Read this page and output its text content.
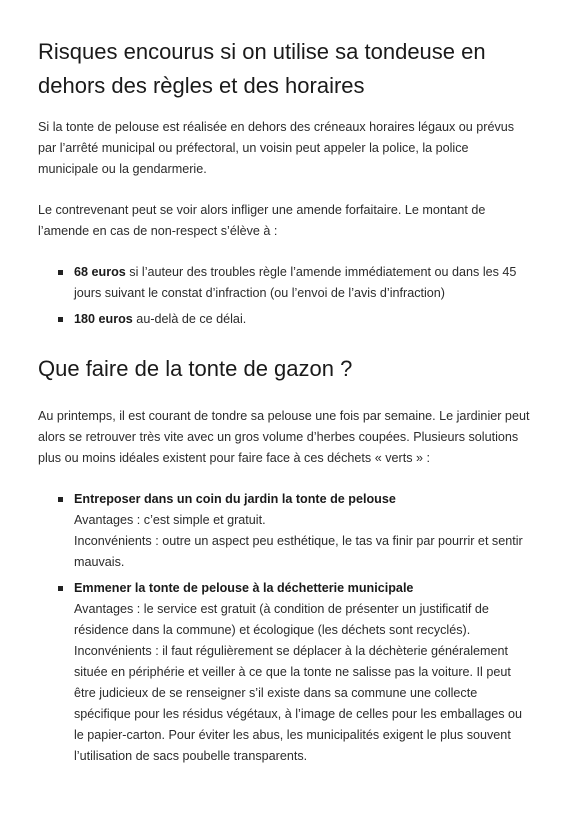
Risques encourus si on utilise sa tondeuse en dehors des règles et des horaires

Si la tonte de pelouse est réalisée en dehors des créneaux horaires légaux ou prévus par l’arrêté municipal ou préfectoral, un voisin peut appeler la police, la police municipale ou la gendarmerie.

Le contrevenant peut se voir alors infliger une amende forfaitaire. Le montant de l’amende en cas de non-respect s’élève à :

68 euros si l’auteur des troubles règle l’amende immédiatement ou dans les 45 jours suivant le constat d’infraction (ou l’envoi de l’avis d’infraction)
180 euros au-delà de ce délai.
Que faire de la tonte de gazon ?

Au printemps, il est courant de tondre sa pelouse une fois par semaine. Le jardinier peut alors se retrouver très vite avec un gros volume d’herbes coupées. Plusieurs solutions plus ou moins idéales existent pour faire face à ces déchets « verts » :

Entreposer dans un coin du jardin la tonte de pelouse
Avantages : c’est simple et gratuit.
Inconvénients : outre un aspect peu esthétique, le tas va finir par pourrir et sentir mauvais.
Emmener la tonte de pelouse à la déchetterie municipale
Avantages : le service est gratuit (à condition de présenter un justificatif de résidence dans la commune) et écologique (les déchets sont recyclés).
Inconvénients : il faut régulièrement se déplacer à la déchèterie généralement située en périphérie et veiller à ce que la tonte ne salisse pas la voiture. Il peut être judicieux de se renseigner s’il existe dans sa commune une collecte spécifique pour les résidus végétaux, à l’image de celles pour les emballages ou le papier-carton. Pour éviter les abus, les municipalités exigent le plus souvent l’utilisation de sacs poubelle transparents.
